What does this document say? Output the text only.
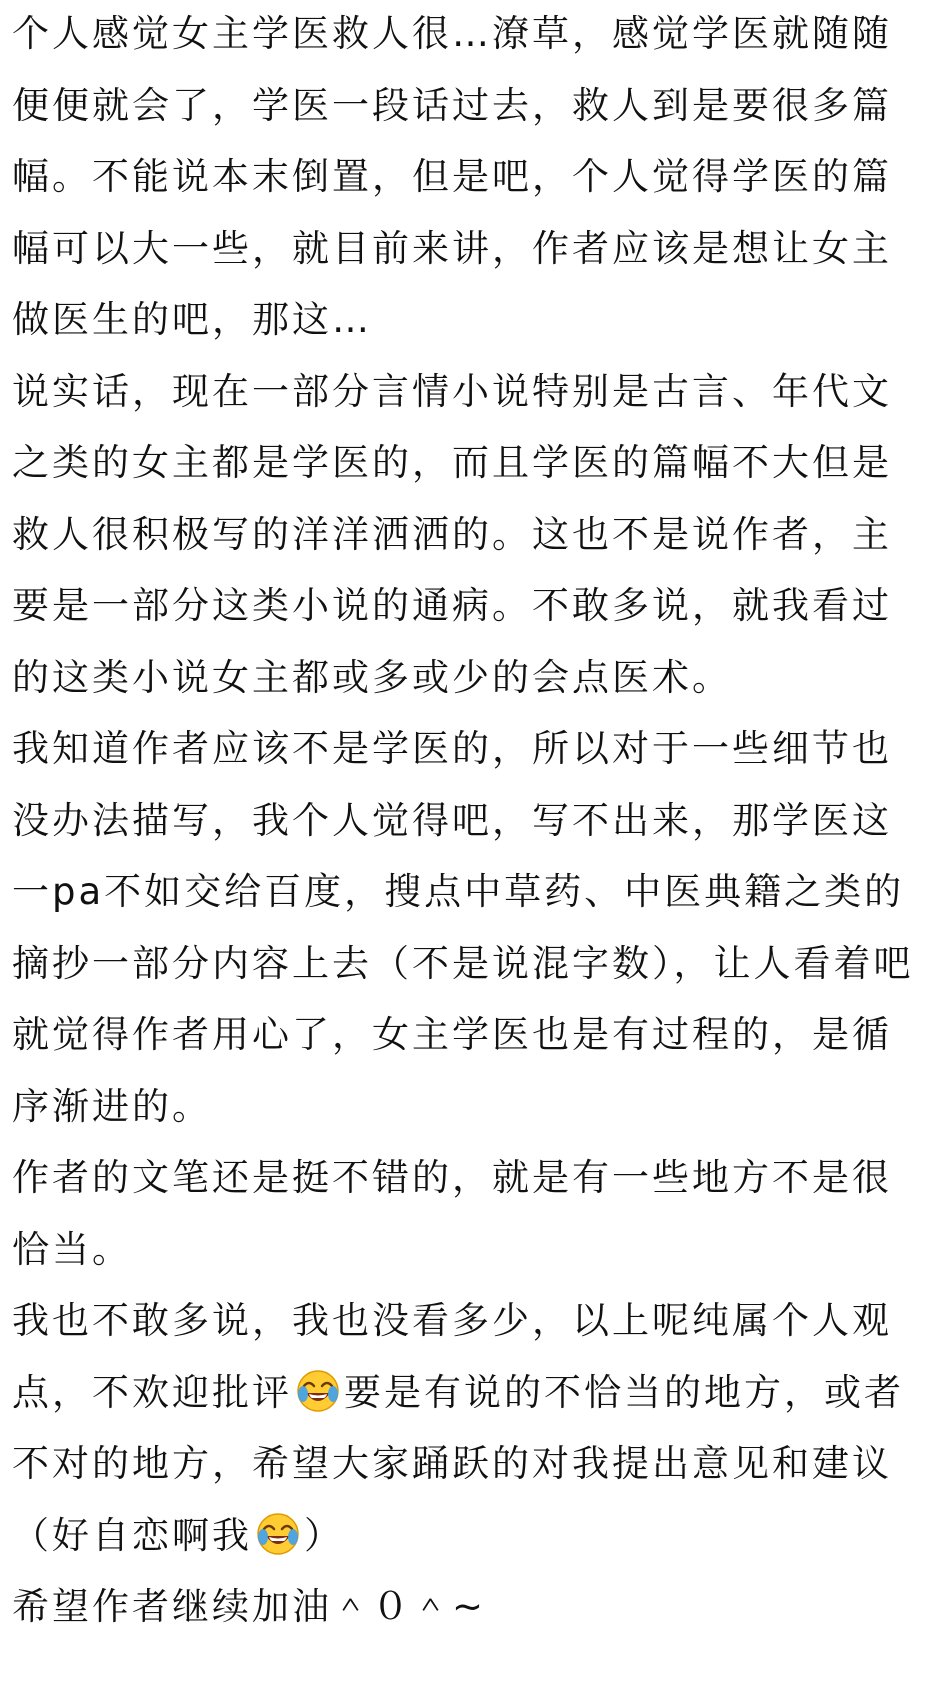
个人感觉女主学医救人很…潦草，感觉学医就随随便便就会了，学医一段话过去，救人到是要很多篇幅。不能说本末倒置，但是吧，个人觉得学医的篇幅可以大一些，就目前来讲，作者应该是想让女主做医生的吧，那这…

说实话，现在一部分言情小说特别是古言、年代文之类的女主都是学医的，而且学医的篇幅不大但是救人很积极写的洋洋洒洒的。这也不是说作者，主要是一部分这类小说的通病。不敢多说，就我看过的这类小说女主都或多或少的会点医术。

我知道作者应该不是学医的，所以对于一些细节也没办法描写，我个人觉得吧，写不出来，那学医这一pa不如交给百度，搜点中草药、中医典籍之类的摘抄一部分内容上去（不是说混字数），让人看着吧就觉得作者用心了，女主学医也是有过程的，是循序渐进的。

作者的文笔还是挺不错的，就是有一些地方不是很恰当。

我也不敢多说，我也没看多少，以上呢纯属个人观点，不欢迎批评 要是有说的不恰当的地方，或者不对的地方，希望大家踊跃的对我提出意见和建议（好自恋啊我 ）

希望作者继续加油＾０＾~
